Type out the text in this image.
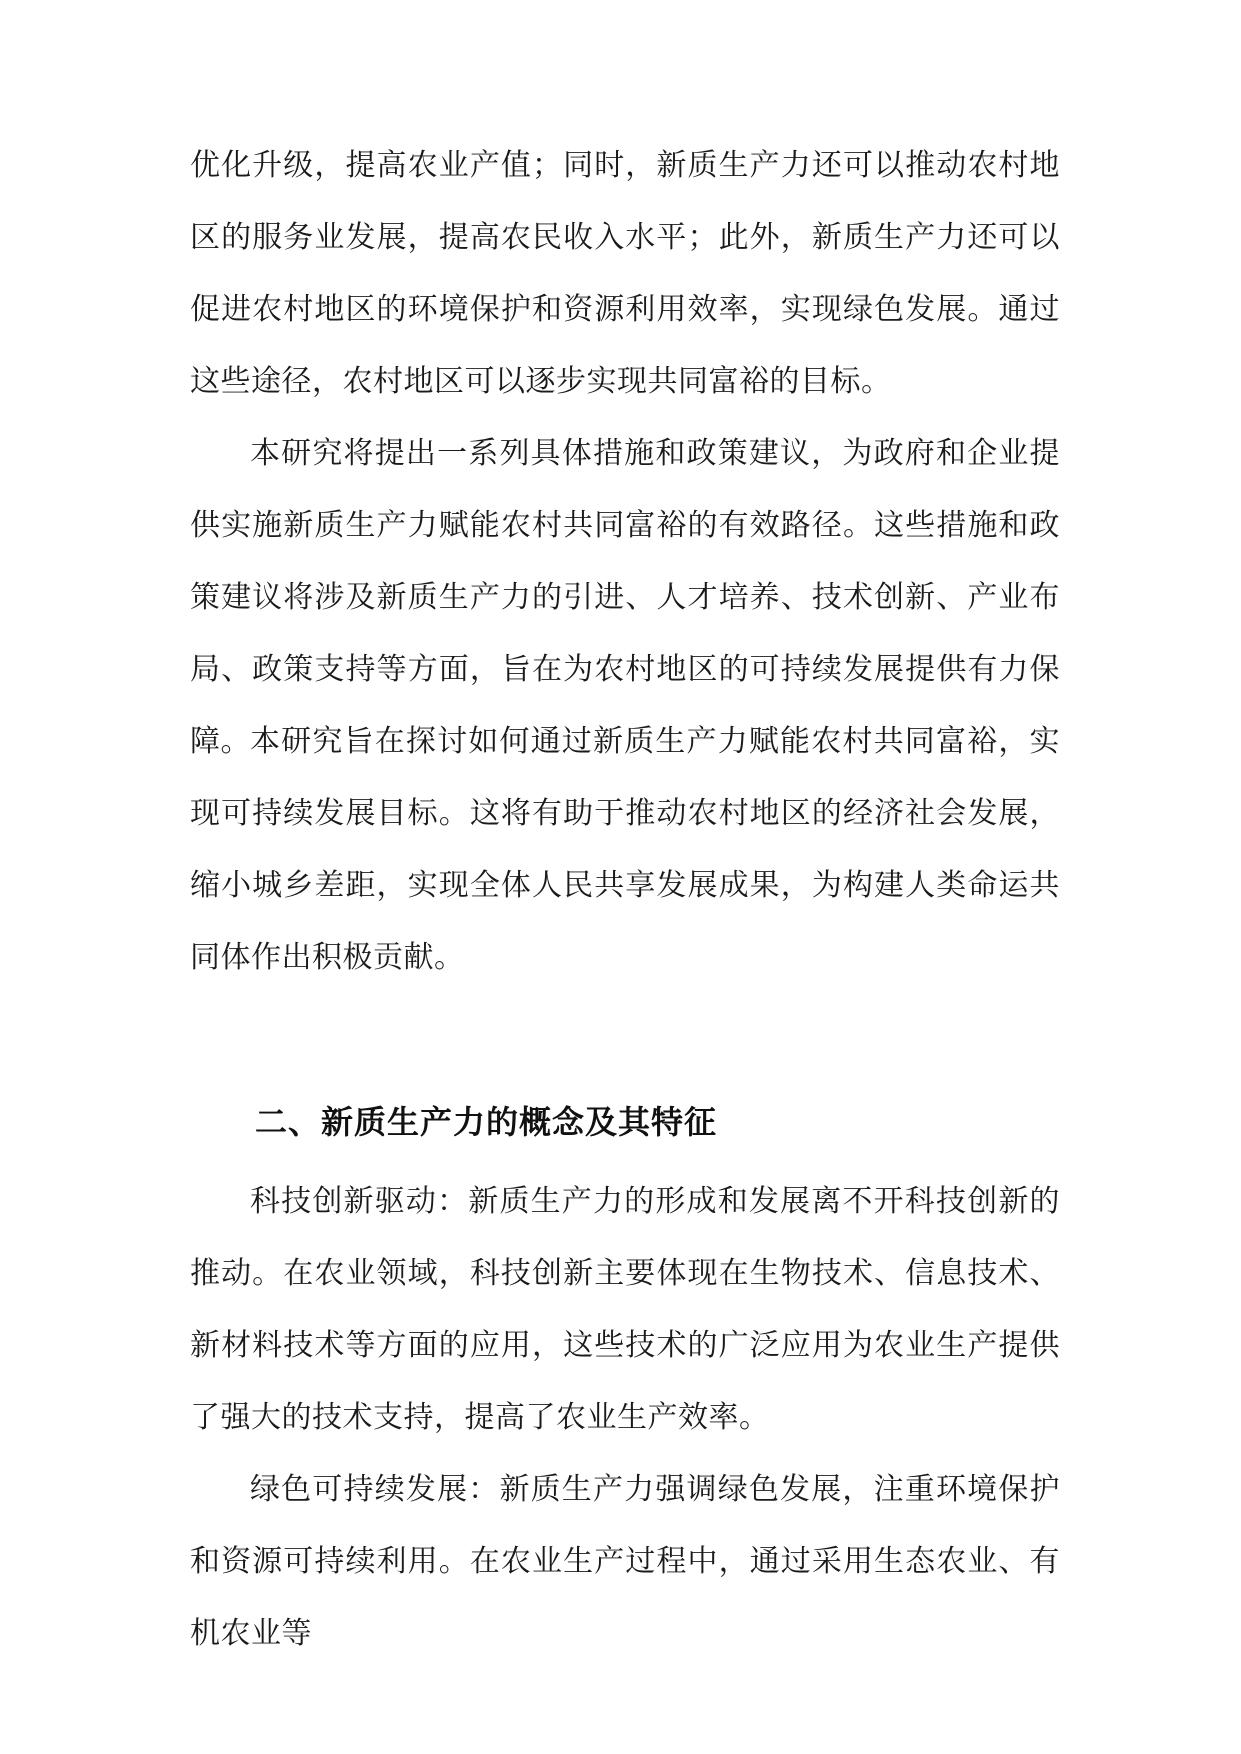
优化升级，提高农业产值；同时，新质生产力还可以推动农村地区的服务业发展，提高农民收入水平；此外，新质生产力还可以促进农村地区的环境保护和资源利用效率，实现绿色发展。通过这些途径，农村地区可以逐步实现共同富裕的目标。

本研究将提出一系列具体措施和政策建议，为政府和企业提供实施新质生产力赋能农村共同富裕的有效路径。这些措施和政策建议将涉及新质生产力的引进、人才培养、技术创新、产业布局、政策支持等方面，旨在为农村地区的可持续发展提供有力保障。 本研究旨在探讨如何通过新质生产力赋能农村共同富裕，实现可持续发展目标。这将有助于推动农村地区的经济社会发展，缩小城乡差距，实现全体人民共享发展成果，为构建人类命运共同体作出积极贡献。

二、新质生产力的概念及其特征

科技创新驱动：新质生产力的形成和发展离不开科技创新的推动。在农业领域，科技创新主要体现在生物技术、信息技术、新材料技术等方面的应用，这些技术的广泛应用为农业生产提供了强大的技术支持，提高了农业生产效率。

绿色可持续发展：新质生产力强调绿色发展，注重环境保护和资源可持续利用。在农业生产过程中，通过采用生态农业、有机农业等
